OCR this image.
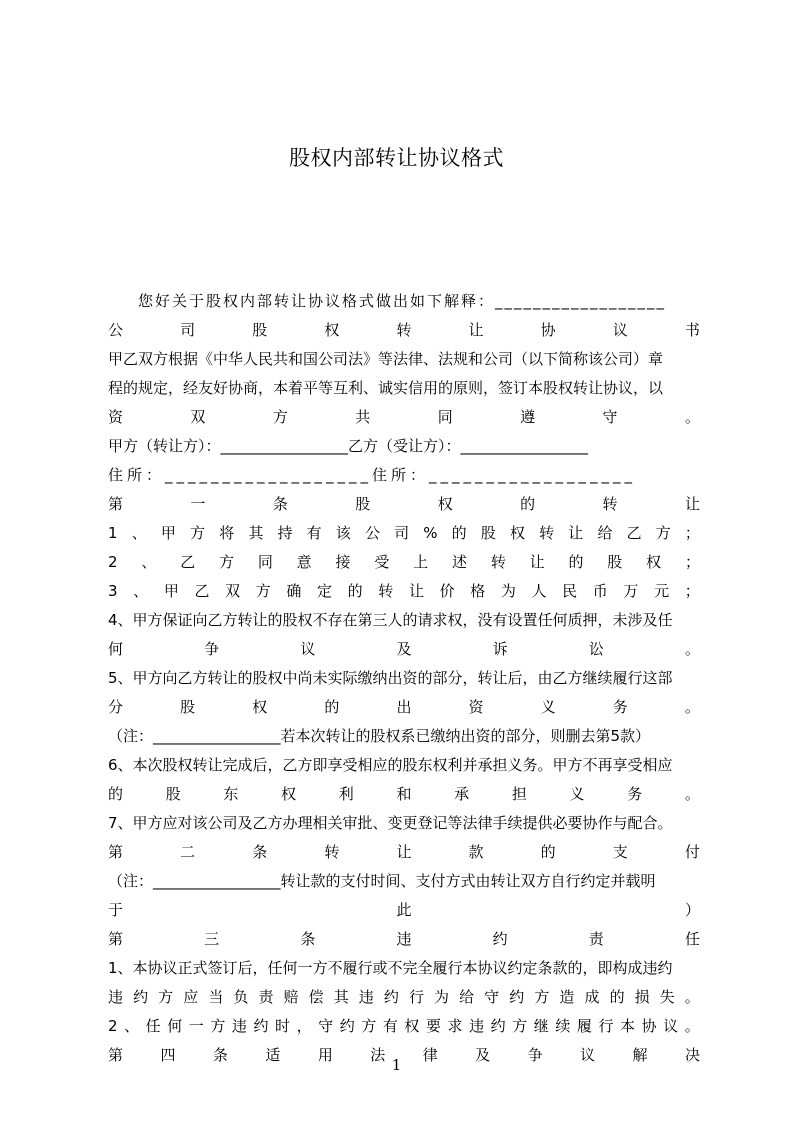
股权内部转让协议格式
您好关于股权内部转让协议格式做出如下解释：__________________
公	司	股	权	转	让	协	议	书
甲乙双方根据《中华人民共和国公司法》等法律、法规和公司（以下简称该公司）章
程的规定，经友好协商，本着平等互利、诚实信用的原则，签订本股权转让协议，以
资	双	方	共	同	遵	守	。
甲方（转让方）：_________________乙方（受让方）：_________________
住所：__________________住所：__________________
第	一	条	股	权	的	转	让
1 、 甲 方 将 其 持 有 该 公 司 % 的 股 权 转 让 给 乙 方 ；
2 、 乙 方 同 意 接 受 上 述 转 让 的 股 权 ；
3 、 甲 乙 双 方 确 定 的 转 让 价 格 为 人 民 币 万 元 ；
4、甲方保证向乙方转让的股权不存在第三人的请求权，没有设置任何质押，未涉及任
何	争	议	及	诉	讼	。
5、甲方向乙方转让的股权中尚未实际缴纳出资的部分，转让后，由乙方继续履行这部
分	股	权	的	出	资	义	务	。
（注：_________________若本次转让的股权系已缴纳出资的部分，则删去第5款）
6、本次股权转让完成后，乙方即享受相应的股东权利并承担义务。甲方不再享受相应
的	股	东	权	利	和	承	担	义	务	。
7、甲方应对该公司及乙方办理相关审批、变更登记等法律手续提供必要协作与配合。
第	二	条	转	让	款	的	支	付
（注：_________________转让款的支付时间、支付方式由转让双方自行约定并载明
于	此	）
第	三	条	违	约	责	任
1、本协议正式签订后，任何一方不履行或不完全履行本协议约定条款的，即构成违约
违 约 方 应 当 负 责 赔 偿 其 违 约 行 为 给 守 约 方 造 成 的 损 失 。
2 、 任 何 一 方 违 约 时 ， 守 约 方 有 权 要 求 违 约 方 继 续 履 行 本 协 议 。
第 四 条 适 用 法 律 及 争 议 解 决
1
